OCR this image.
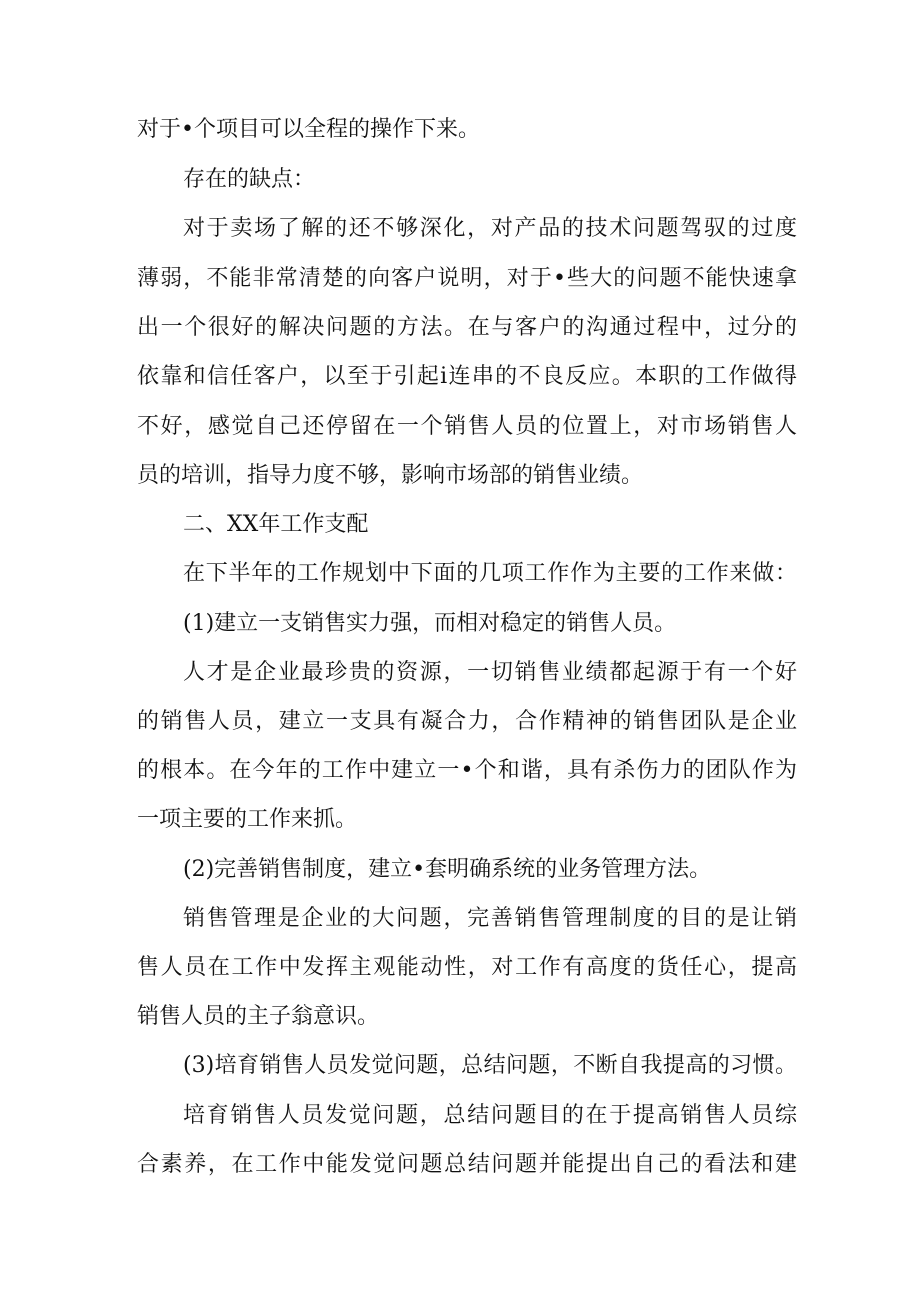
对于•个项目可以全程的操作下来。
存在的缺点：
对于卖场了解的还不够深化，对产品的技术问题驾驭的过度
薄弱，不能非常清楚的向客户说明，对于•些大的问题不能快速拿
出一个很好的解决问题的方法。在与客户的沟通过程中，过分的
依靠和信任客户，以至于引起i连串的不良反应。本职的工作做得
不好，感觉自己还停留在一个销售人员的位置上，对市场销售人
员的培训，指导力度不够，影响市场部的销售业绩。
二、XX年工作支配
在下半年的工作规划中下面的几项工作作为主要的工作来做：
(1)建立一支销售实力强，而相对稳定的销售人员。
人才是企业最珍贵的资源，一切销售业绩都起源于有一个好
的销售人员，建立一支具有凝合力，合作精神的销售团队是企业
的根本。在今年的工作中建立一•个和谐，具有杀伤力的团队作为
一项主要的工作来抓。
(2)完善销售制度，建立•套明确系统的业务管理方法。
销售管理是企业的大问题，完善销售管理制度的目的是让销
售人员在工作中发挥主观能动性，对工作有高度的货任心，提高
销售人员的主子翁意识。
(3)培育销售人员发觉问题，总结问题，不断自我提高的习惯。
培育销售人员发觉问题，总结问题目的在于提高销售人员综
合素养，在工作中能发觉问题总结问题并能提出自己的看法和建
